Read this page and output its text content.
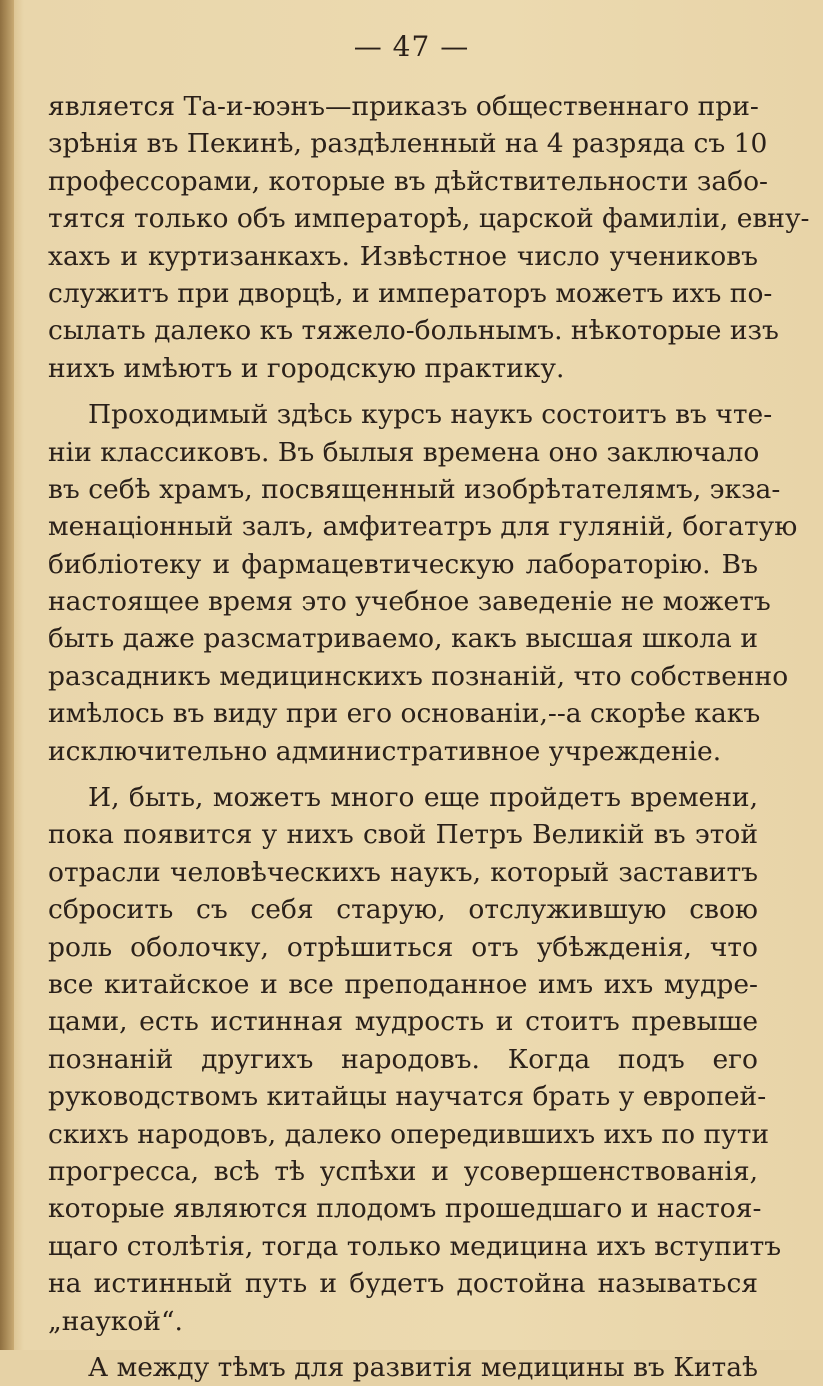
— 47 —
является Та-и-юэнъ—приказъ общественнаго при-
зрѣнія въ Пекинѣ, раздѣленный на 4 разряда съ 10
профессорами, которые въ дѣйствительности забо-
тятся только объ императорѣ, царской фамиліи, евну-
хахъ и куртизанкахъ. Извѣстное число учениковъ
служитъ при дворцѣ, и императоръ можетъ ихъ по-
сылать далеко къ тяжело-больнымъ. нѣкоторые изъ
нихъ имѣютъ и городскую практику.
Проходимый здѣсь курсъ наукъ состоитъ въ чте-
ніи классиковъ. Въ былыя времена оно заключало
въ себѣ храмъ, посвященный изобрѣтателямъ, экза-
менаціонный залъ, амфитеатръ для гуляній, богатую
библіотеку и фармацевтическую лабораторію. Въ
настоящее время это учебное заведеніе не можетъ
быть даже разсматриваемо, какъ высшая школа и
разсадникъ медицинскихъ познаній, что собственно
имѣлось въ виду при его основаніи,--а скорѣе какъ
исключительно административное учрежденіе.
И, быть, можетъ много еще пройдетъ времени,
пока появится у нихъ свой Петръ Великій въ этой
отрасли человѣческихъ наукъ, который заставитъ
сбросить съ себя старую, отслужившую свою
роль оболочку, отрѣшиться отъ убѣжденія, что
все китайское и все преподанное имъ ихъ мудре-
цами, есть истинная мудрость и стоитъ превыше
познаній другихъ народовъ. Когда подъ его
руководствомъ китайцы научатся брать у европей-
скихъ народовъ, далеко опередившихъ ихъ по пути
прогресса, всѣ тѣ успѣхи и усовершенствованія,
которые являются плодомъ прошедшаго и настоя-
щаго столѣтія, тогда только медицина ихъ вступитъ
на истинный путь и будетъ достойна называться
„наукой“.
А между тѣмъ для развитія медицины въ Китаѣ
